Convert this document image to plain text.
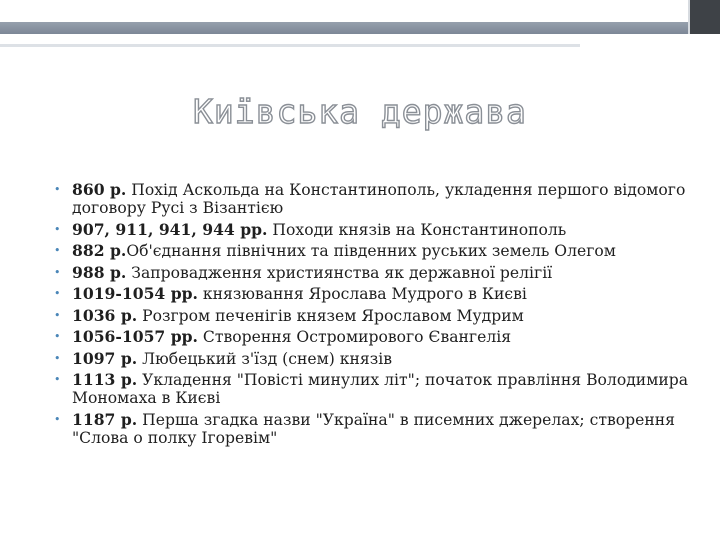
Київська держава
• 860 р. Похід Аскольда на Константинополь, укладення першого відомого договору Русі з Візантією
• 907, 911, 941, 944 рр. Походи князів на Константинополь
• 882 р.Об'єднання північних та південних руських земель Олегом
• 988 р. Запровадження християнства як державної релігії
• 1019-1054 рр. князювання Ярослава Мудрого в Києві
• 1036 р. Розгром печенігів князем Ярославом Мудрим
• 1056-1057 рр. Створення Остромирового Євангелія
• 1097 р. Любецький з'їзд (снем) князів
• 1113 р. Укладення "Повісті минулих літ"; початок правління Володимира Мономаха в Києві
• 1187 р. Перша згадка назви "Україна" в писемних джерелах; створення "Слова о полку Ігоревім"
